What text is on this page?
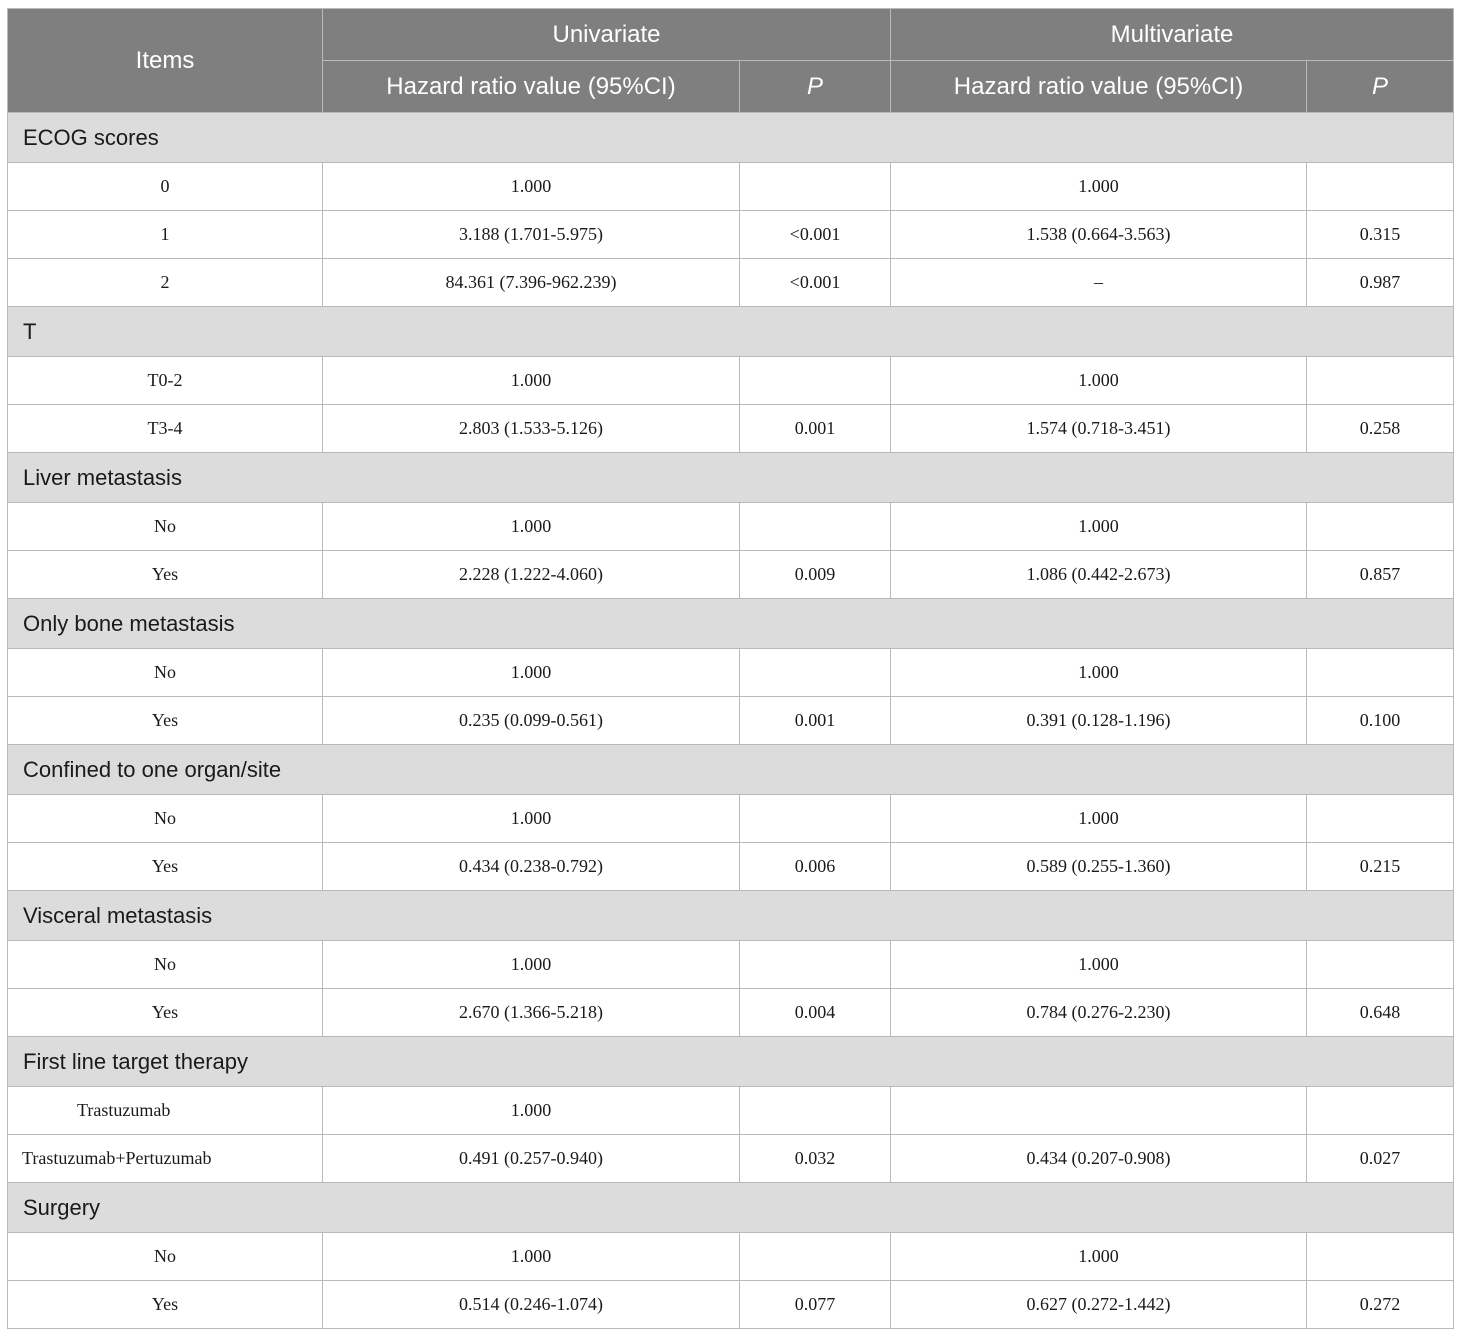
Items	Univariate		Multivariate	
	Hazard ratio value (95%CI)	P	Hazard ratio value (95%CI)	P
ECOG scores				
0	1.000		1.000	
1	3.188 (1.701-5.975)	<0.001	1.538 (0.664-3.563)	0.315
2	84.361 (7.396-962.239)	<0.001	–	0.987
T				
T0-2	1.000		1.000	
T3-4	2.803 (1.533-5.126)	0.001	1.574 (0.718-3.451)	0.258
Liver metastasis				
No	1.000		1.000	
Yes	2.228 (1.222-4.060)	0.009	1.086 (0.442-2.673)	0.857
Only bone metastasis				
No	1.000		1.000	
Yes	0.235 (0.099-0.561)	0.001	0.391 (0.128-1.196)	0.100
Confined to one organ/site				
No	1.000		1.000	
Yes	0.434 (0.238-0.792)	0.006	0.589 (0.255-1.360)	0.215
Visceral metastasis				
No	1.000		1.000	
Yes	2.670 (1.366-5.218)	0.004	0.784 (0.276-2.230)	0.648
First line target therapy				
Trastuzumab	1.000			
Trastuzumab+Pertuzumab	0.491 (0.257-0.940)	0.032	0.434 (0.207-0.908)	0.027
Surgery				
No	1.000		1.000	
Yes	0.514 (0.246-1.074)	0.077	0.627 (0.272-1.442)	0.272
